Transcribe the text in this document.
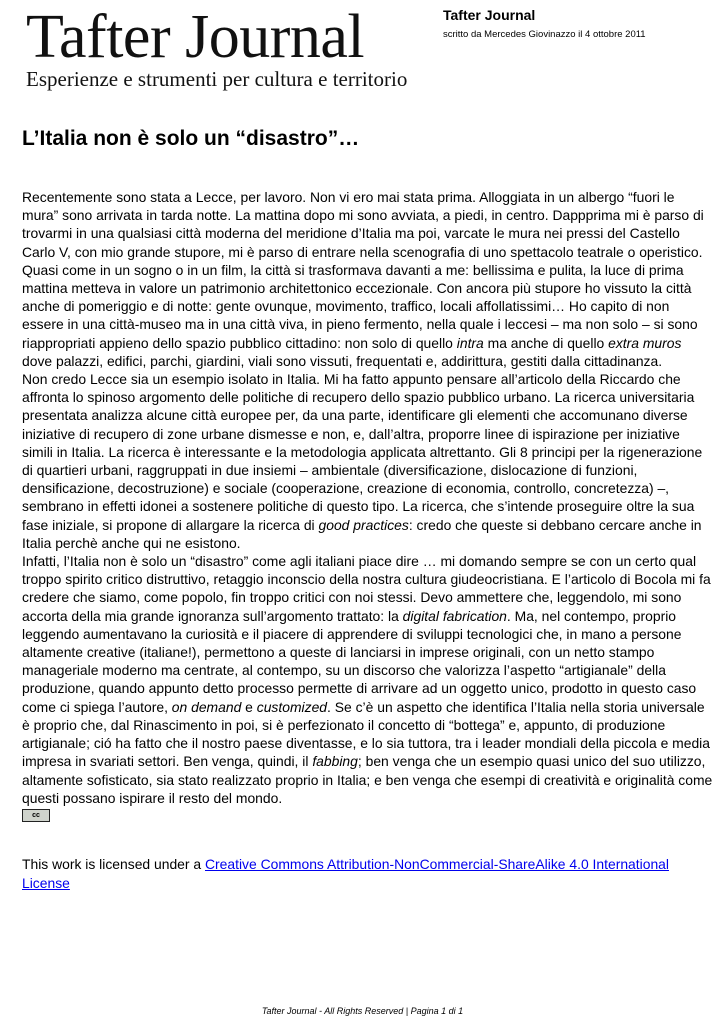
Tafter Journal
Esperienze e strumenti per cultura e territorio
Tafter Journal
scritto da Mercedes Giovinazzo il 4 ottobre 2011
L’Italia non è solo un “disastro”…

Recentemente sono stata a Lecce, per lavoro. Non vi ero mai stata prima. Alloggiata in un albergo “fuori le mura” sono arrivata in tarda notte. La mattina dopo mi sono avviata, a piedi, in centro. Dappprima mi è parso di trovarmi in una qualsiasi città moderna del meridione d’Italia ma poi, varcate le mura nei pressi del Castello Carlo V, con mio grande stupore, mi è parso di entrare nella scenografia di uno spettacolo teatrale o operistico. Quasi come in un sogno o in un film, la città si trasformava davanti a me: bellissima e pulita, la luce di prima mattina metteva in valore un patrimonio architettonico eccezionale. Con ancora più stupore ho vissuto la città anche di pomeriggio e di notte: gente ovunque, movimento, traffico, locali affollatissimi… Ho capito di non essere in una città-museo ma in una città viva, in pieno fermento, nella quale i leccesi – ma non solo – si sono riappropriati appieno dello spazio pubblico cittadino: non solo di quello intra ma anche di quello extra muros dove palazzi, edifici, parchi, giardini, viali sono vissuti, frequentati e, addirittura, gestiti dalla cittadinanza.

Non credo Lecce sia un esempio isolato in Italia. Mi ha fatto appunto pensare all’articolo della Riccardo che affronta lo spinoso argomento delle politiche di recupero dello spazio pubblico urbano. La ricerca universitaria presentata analizza alcune città europee per, da una parte, identificare gli elementi che accomunano diverse iniziative di recupero di zone urbane dismesse e non, e, dall’altra, proporre linee di ispirazione per iniziative simili in Italia. La ricerca è interessante e la metodologia applicata altrettanto. Gli 8 principi per la rigenerazione di quartieri urbani, raggruppati in due insiemi – ambientale (diversificazione, dislocazione di funzioni, densificazione, decostruzione) e sociale (cooperazione, creazione di economia, controllo, concretezza) –, sembrano in effetti idonei a sostenere politiche di questo tipo. La ricerca, che s’intende proseguire oltre la sua fase iniziale, si propone di allargare la ricerca di good practices: credo che queste si debbano cercare anche in Italia perchè anche qui ne esistono.

Infatti, l’Italia non è solo un “disastro” come agli italiani piace dire … mi domando sempre se con un certo qual troppo spirito critico distruttivo, retaggio inconscio della nostra cultura giudeocristiana. E l’articolo di Bocola mi fa credere che siamo, come popolo, fin troppo critici con noi stessi. Devo ammettere che, leggendolo, mi sono accorta della mia grande ignoranza sull’argomento trattato: la digital fabrication. Ma, nel contempo, proprio leggendo aumentavano la curiosità e il piacere di apprendere di sviluppi tecnologici che, in mano a persone altamente creative (italiane!), permettono a queste di lanciarsi in imprese originali, con un netto stampo manageriale moderno ma centrate, al contempo, su un discorso che valorizza l’aspetto “artigianale” della produzione, quando appunto detto processo permette di arrivare ad un oggetto unico, prodotto in questo caso come ci spiega l’autore, on demand e customized. Se c’è un aspetto che identifica l’Italia nella storia universale è proprio che, dal Rinascimento in poi, si è perfezionato il concetto di “bottega” e, appunto, di produzione artigianale; ció ha fatto che il nostro paese diventasse, e lo sia tuttora, tra i leader mondiali della piccola e media impresa in svariati settori. Ben venga, quindi, il fabbing; ben venga che un esempio quasi unico del suo utilizzo, altamente sofisticato, sia stato realizzato proprio in Italia; e ben venga che esempi di creatività e originalità come questi possano ispirare il resto del mondo.

cc
This work is licensed under a Creative Commons Attribution-NonCommercial-ShareAlike 4.0 International License
Tafter Journal - All Rights Reserved | Pagina 1 di 1
